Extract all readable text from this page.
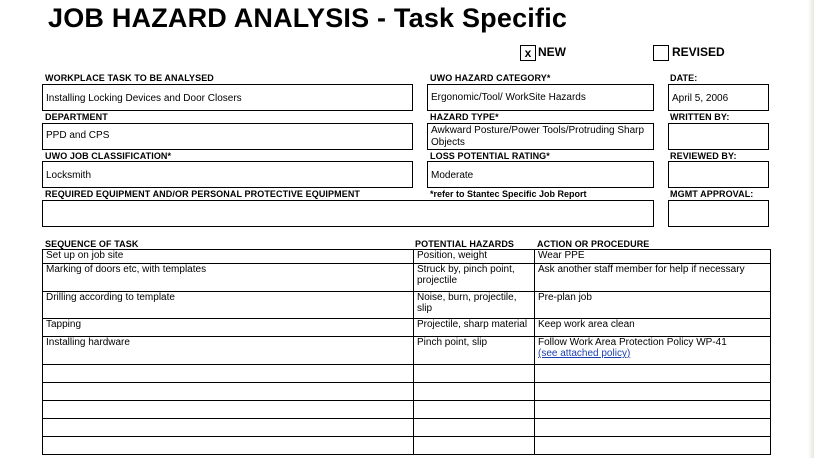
JOB HAZARD ANALYSIS - Task Specific
x NEW	REVISED
WORKPLACE TASK TO BE ANALYSED
Installing Locking Devices and Door Closers
UWO HAZARD CATEGORY*
Ergonomic/Tool/ WorkSite Hazards
DATE:
April 5, 2006
DEPARTMENT
PPD and CPS
HAZARD TYPE*
Awkward Posture/Power Tools/Protruding Sharp Objects
WRITTEN BY:
UWO JOB CLASSIFICATION*
Locksmith
LOSS POTENTIAL RATING*
Moderate
REVIEWED BY:
REQUIRED EQUIPMENT AND/OR PERSONAL PROTECTIVE EQUIPMENT	*refer to Stantec Specific Job Report	MGMT APPROVAL:
SEQUENCE OF TASK	POTENTIAL HAZARDS	ACTION OR PROCEDURE
Set up on job site	Position, weight	Wear PPE
Marking of doors etc, with templates	Struck by, pinch point, projectile	Ask another staff member for help if necessary
Drilling according to template	Noise, burn, projectile, slip	Pre-plan job
Tapping	Projectile, sharp material	Keep work area clean
Installing hardware	Pinch point, slip	Follow Work Area Protection Policy WP-41
(see attached policy)
